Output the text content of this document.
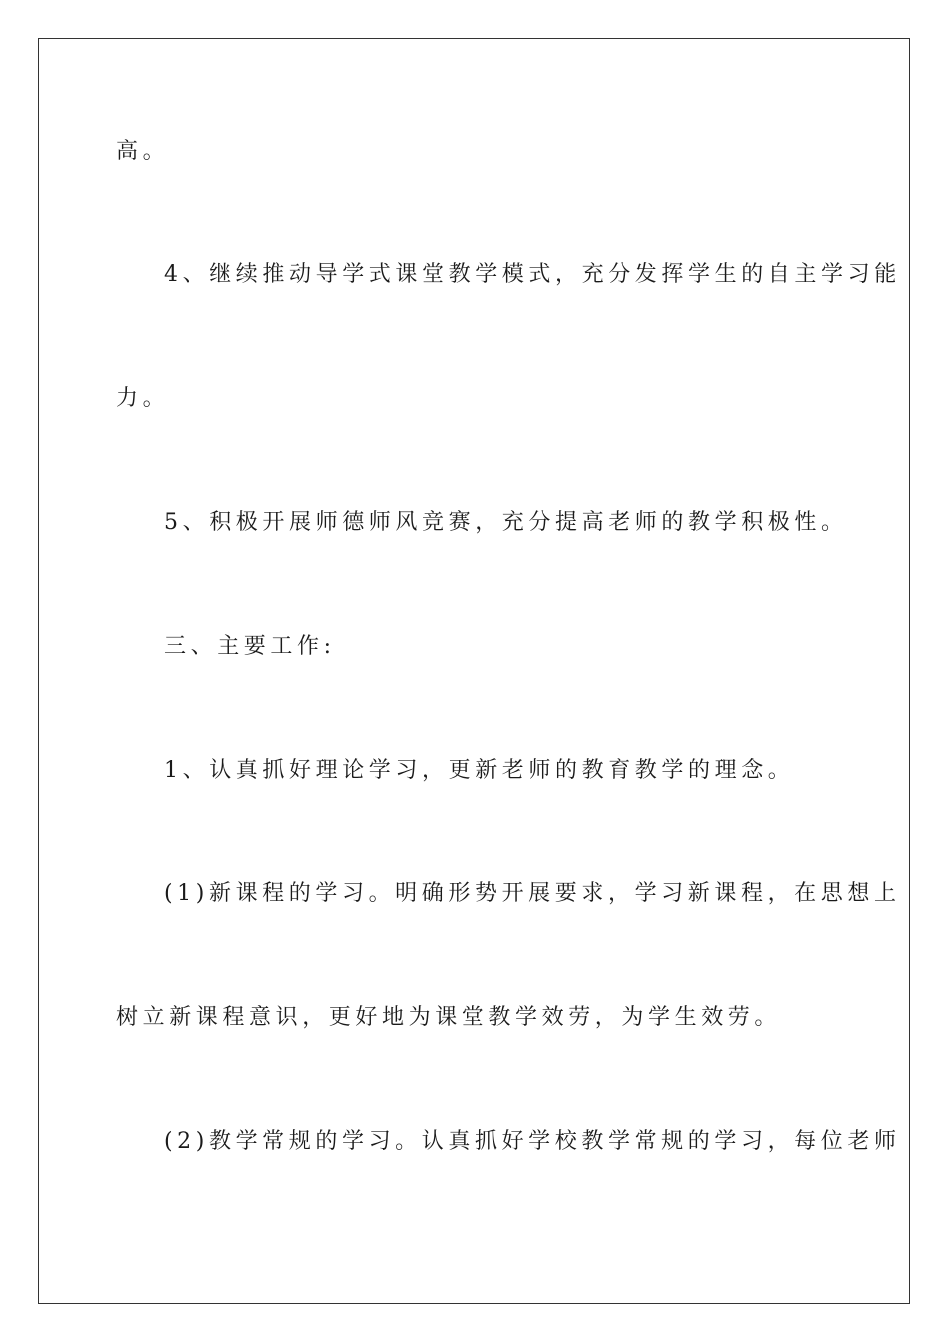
高。
4、继续推动导学式课堂教学模式，充分发挥学生的自主学习能
力。
5、积极开展师德师风竞赛，充分提高老师的教学积极性。
三、主要工作:
1、认真抓好理论学习，更新老师的教育教学的理念。
(1)新课程的学习。明确形势开展要求，学习新课程，在思想上
树立新课程意识，更好地为课堂教学效劳，为学生效劳。
(2)教学常规的学习。认真抓好学校教学常规的学习，每位老师
